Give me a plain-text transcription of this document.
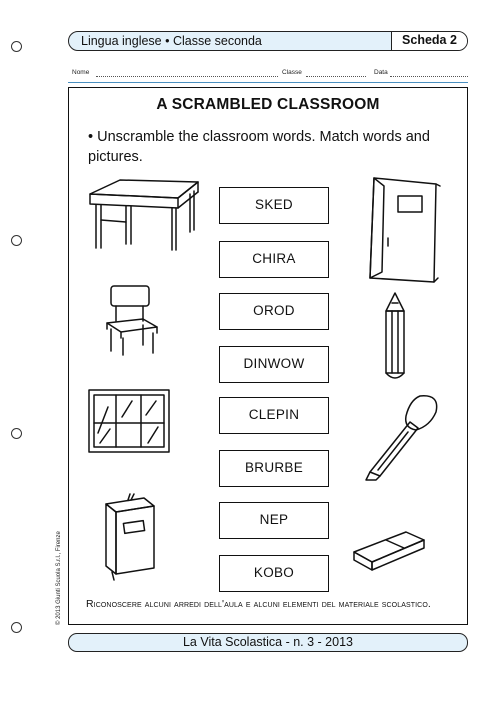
Lingua inglese • Classe seconda	Scheda 2
Nome	Classe	Data
A SCRAMBLED CLASSROOM
• Unscramble the classroom words. Match words and pictures.
SKED
CHIRA
OROD
DINWOW
CLEPIN
BRURBE
NEP
KOBO
Riconoscere alcuni arredi dell'aula e alcuni elementi del materiale scolastico.
© 2013 Giunti Scuola S.r.l., Firenze
La Vita Scolastica - n. 3 - 2013
